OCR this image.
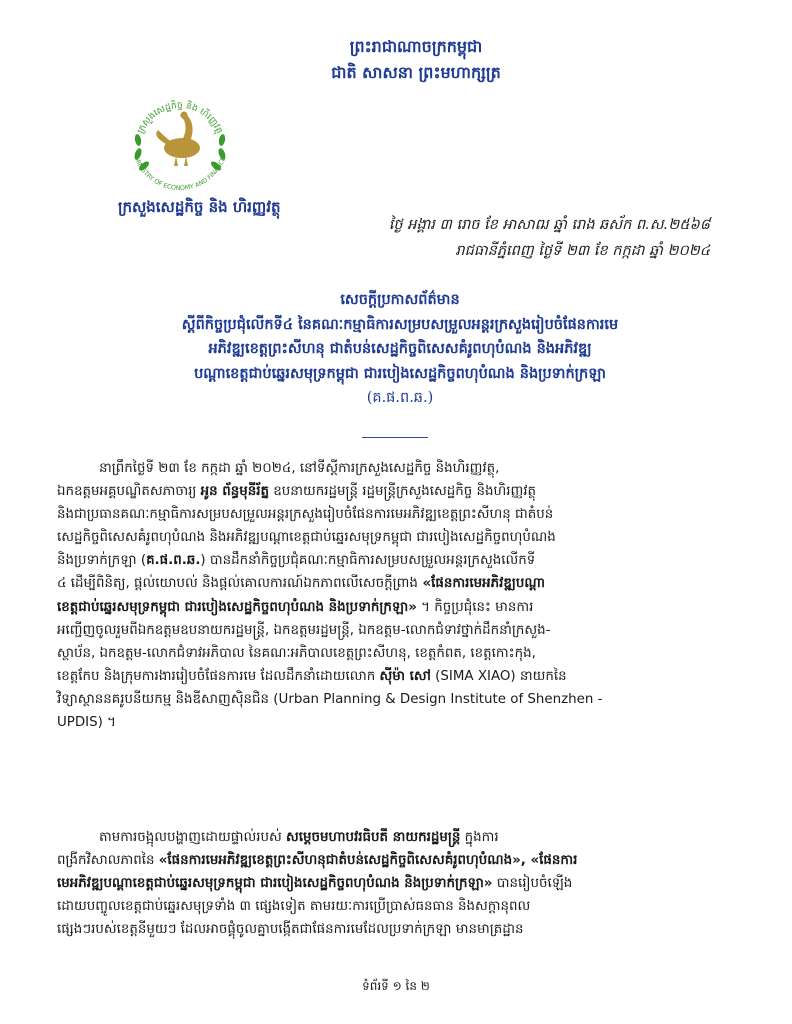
ព្រះរាជាណាចក្រកម្ពុជា
ជាតិ សាសនា ព្រះមហាក្សត្រ
ក្រសួងសេដ្ឋកិច្ច និង ហិរញ្ញវត្ថុ
MINISTRY OF ECONOMY AND FINANCE
ក្រសួងសេដ្ឋកិច្ច និង ហិរញ្ញវត្ថុ
ថ្ងៃ អង្គារ ៣ រោច ខែ អាសាឍ ឆ្នាំ រោង ឆស័ក ព.ស.២៥៦៨
រាជធានីភ្នំពេញ ថ្ងៃទី ២៣ ខែ កក្កដា ឆ្នាំ ២០២៤
សេចក្តីប្រកាសព័ត៌មាន
ស្តីពីកិច្ចប្រជុំលើកទី៤ នៃគណៈកម្មាធិការសម្របសម្រួលអន្តរក្រសួងរៀបចំផែនការមេ
អភិវឌ្ឍខេត្តព្រះសីហនុ ជាតំបន់សេដ្ឋកិច្ចពិសេសគំរូពហុបំណង និងអភិវឌ្ឍ
បណ្តាខេត្តជាប់ឆ្នេរសមុទ្រកម្ពុជា ជារបៀងសេដ្ឋកិច្ចពហុបំណង និងប្រទាក់ក្រឡា
(គ.ផ.ព.ឆ.)
នាព្រឹកថ្ងៃទី ២៣ ខែ កក្កដា ឆ្នាំ ២០២៤, នៅទីស្តីការក្រសួងសេដ្ឋកិច្ច និងហិរញ្ញវត្ថុ,
ឯកឧត្តមអគ្គបណ្ឌិតសភាចារ្យ អូន ព័ន្ធមុនីរ័ត្ន ឧបនាយករដ្ឋមន្ត្រី រដ្ឋមន្ត្រីក្រសួងសេដ្ឋកិច្ច និងហិរញ្ញវត្ថុ
និងជាប្រធានគណៈកម្មាធិការសម្របសម្រួលអន្តរក្រសួងរៀបចំផែនការមេអភិវឌ្ឍខេត្តព្រះសីហនុ ជាតំបន់
សេដ្ឋកិច្ចពិសេសគំរូពហុបំណង និងអភិវឌ្ឍបណ្តាខេត្តជាប់ឆ្នេរសមុទ្រកម្ពុជា ជារបៀងសេដ្ឋកិច្ចពហុបំណង
និងប្រទាក់ក្រឡា (គ.ផ.ព.ឆ.) បានដឹកនាំកិច្ចប្រជុំគណៈកម្មាធិការសម្របសម្រួលអន្តរក្រសួងលើកទី
៤ ដើម្បីពិនិត្យ, ផ្តល់យោបល់ និងផ្តល់គោលការណ៍ឯកភាពលើសេចក្តីព្រាង «ផែនការមេអភិវឌ្ឍបណ្តា
ខេត្តជាប់ឆ្នេរសមុទ្រកម្ពុជា ជារបៀងសេដ្ឋកិច្ចពហុបំណង និងប្រទាក់ក្រឡា» ។ កិច្ចប្រជុំនេះ មានការ
អញ្ជើញចូលរួមពីឯកឧត្តមឧបនាយករដ្ឋមន្ត្រី, ឯកឧត្តមរដ្ឋមន្ត្រី, ឯកឧត្តម-លោកជំទាវថ្នាក់ដឹកនាំក្រសួង-
ស្ថាប័ន, ឯកឧត្តម-លោកជំទាវអភិបាល នៃគណៈអភិបាលខេត្តព្រះសីហនុ, ខេត្តកំពត, ខេត្តកោះកុង,
ខេត្តកែប និងក្រុមការងាររៀបចំផែនការមេ ដែលដឹកនាំដោយលោក ស៊ីម៉ា សៅ (SIMA XIAO) នាយកនៃ
វិទ្យាស្ថាននគរូបនីយកម្ម និងឌីសាញស៊ិនជិន (Urban Planning & Design Institute of Shenzhen -
UPDIS) ។
តាមការចង្អុលបង្ហាញដោយផ្ទាល់របស់ សម្តេចមហាបវរធិបតី នាយករដ្ឋមន្ត្រី ក្នុងការ
ពង្រីកវិសាលភាពនៃ «ផែនការមេអភិវឌ្ឍខេត្តព្រះសីហនុជាតំបន់សេដ្ឋកិច្ចពិសេសគំរូពហុបំណង», «ផែនការ
មេអភិវឌ្ឍបណ្តាខេត្តជាប់ឆ្នេរសមុទ្រកម្ពុជា ជារបៀងសេដ្ឋកិច្ចពហុបំណង និងប្រទាក់ក្រឡា» បានរៀបចំឡើង
ដោយបញ្ចូលខេត្តជាប់ឆ្នេរសមុទ្រទាំង ៣ ផ្សេងទៀត តាមរយៈការប្រើប្រាស់ធនធាន និងសក្តានុពល
ផ្សេងៗរបស់ខេត្តនីមួយៗ ដែលអាចផ្គុំចូលគ្នាបង្កើតជាផែនការមេដែលប្រទាក់ក្រឡា មានមាត្រដ្ឋាន
ទំព័រទី ១ នៃ ២
